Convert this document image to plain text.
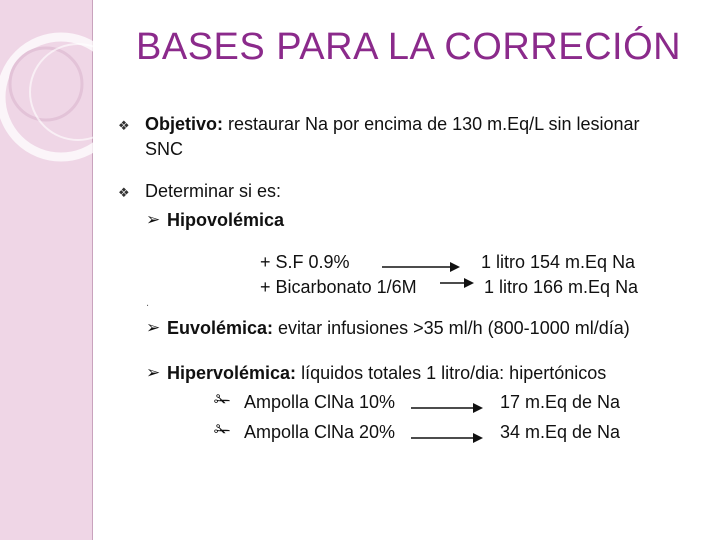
BASES PARA LA CORRECIÓN
❖ Objetivo: restaurar Na por encima de 130 m.Eq/L sin lesionar
SNC
❖ Determinar si es:
➢ Hipovolémica
+ S.F 0.9%	1 litro 154 m.Eq Na
+ Bicarbonato 1/6M	1 litro 166 m.Eq Na
.
➢ Euvolémica: evitar infusiones >35 ml/h (800-1000 ml/día)
➢ Hipervolémica: líquidos totales 1 litro/dia: hipertónicos
✁ Ampolla ClNa 10%	17 m.Eq de Na
✁ Ampolla ClNa 20%	34 m.Eq de Na
